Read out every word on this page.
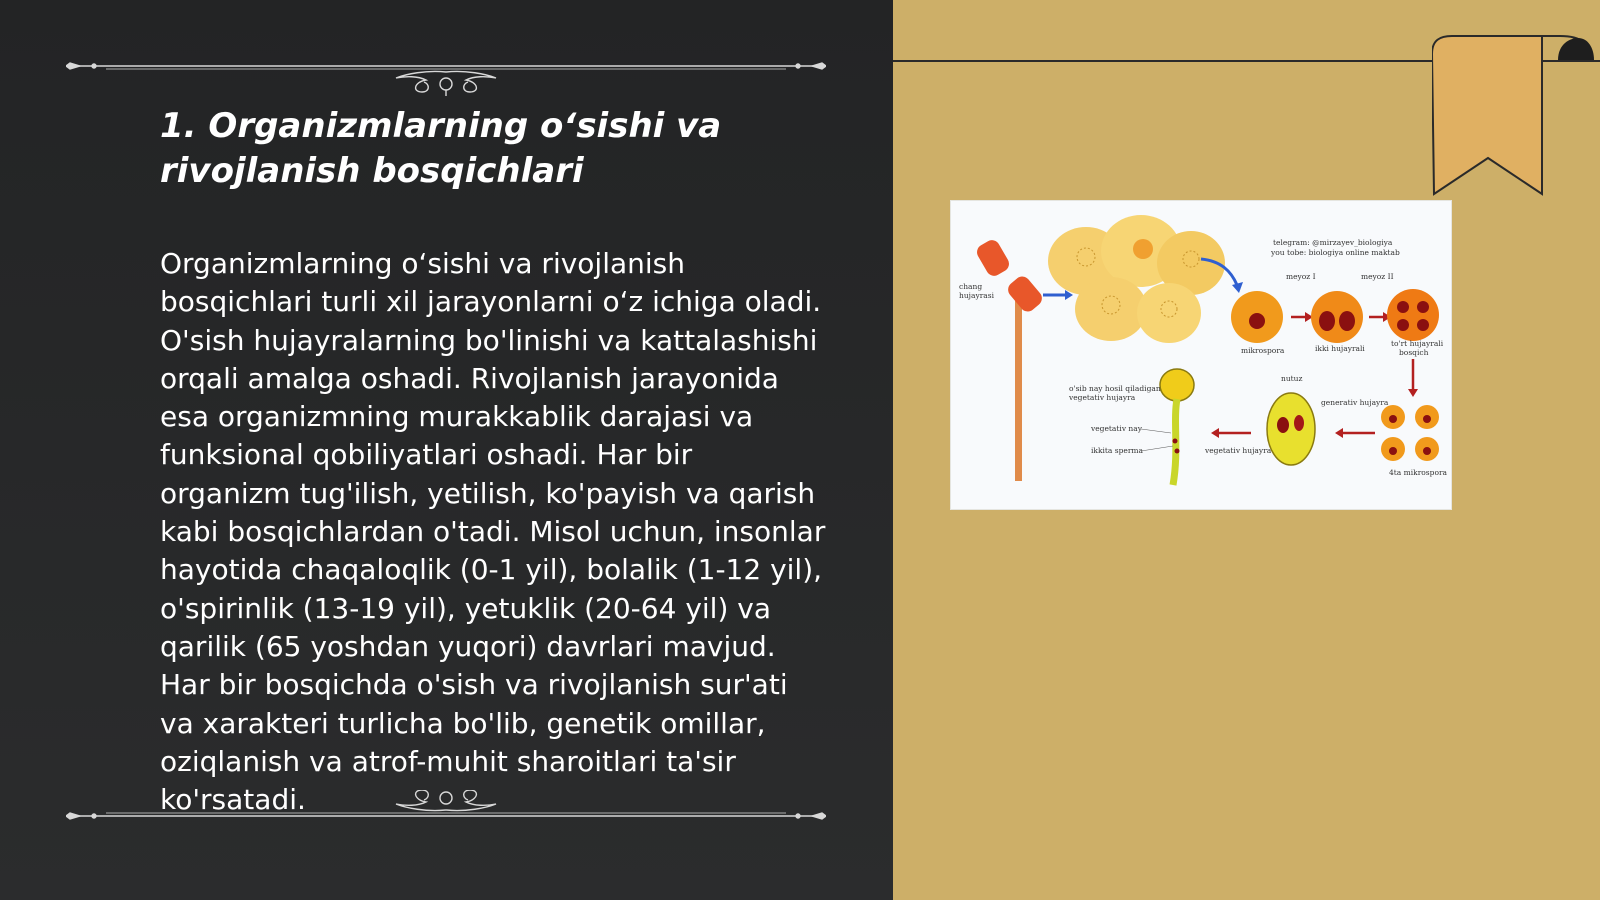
1. Organizmlarning o‘sishi va rivojlanish bosqichlari

Organizmlarning o‘sishi va rivojlanish bosqichlari turli xil jarayonlarni o‘z ichiga oladi. O'sish hujayralarning bo'linishi va kattalashishi orqali amalga oshadi. Rivojlanish jarayonida esa organizmning murakkablik darajasi va funksional qobiliyatlari oshadi. Har bir organizm tug'ilish, yetilish, ko'payish va qarish kabi bosqichlardan o'tadi. Misol uchun, insonlar hayotida chaqaloqlik (0-1 yil), bolalik (1-12 yil), o'spirinlik (13-19 yil), yetuklik (20-64 yil) va qarilik (65 yoshdan yuqori) davrlari mavjud. Har bir bosqichda o'sish va rivojlanish sur'ati va xarakteri turlicha bo'lib, genetik omillar, oziqlanish va atrof-muhit sharoitlari ta'sir ko'rsatadi.

chang
hujayrasi
telegram: @mirzayev_biologiya
you tobe: biologiya online maktab
meyoz I	meyoz II
mikrospora	ikki hujayrali
to'rt hujayrali
bosqich
4ta mikrospora
nutuz
generativ hujayra
vegetativ hujayra
o'sib nay hosil qiladigan
vegetativ hujayra
vegetativ nay
ikkita sperma
